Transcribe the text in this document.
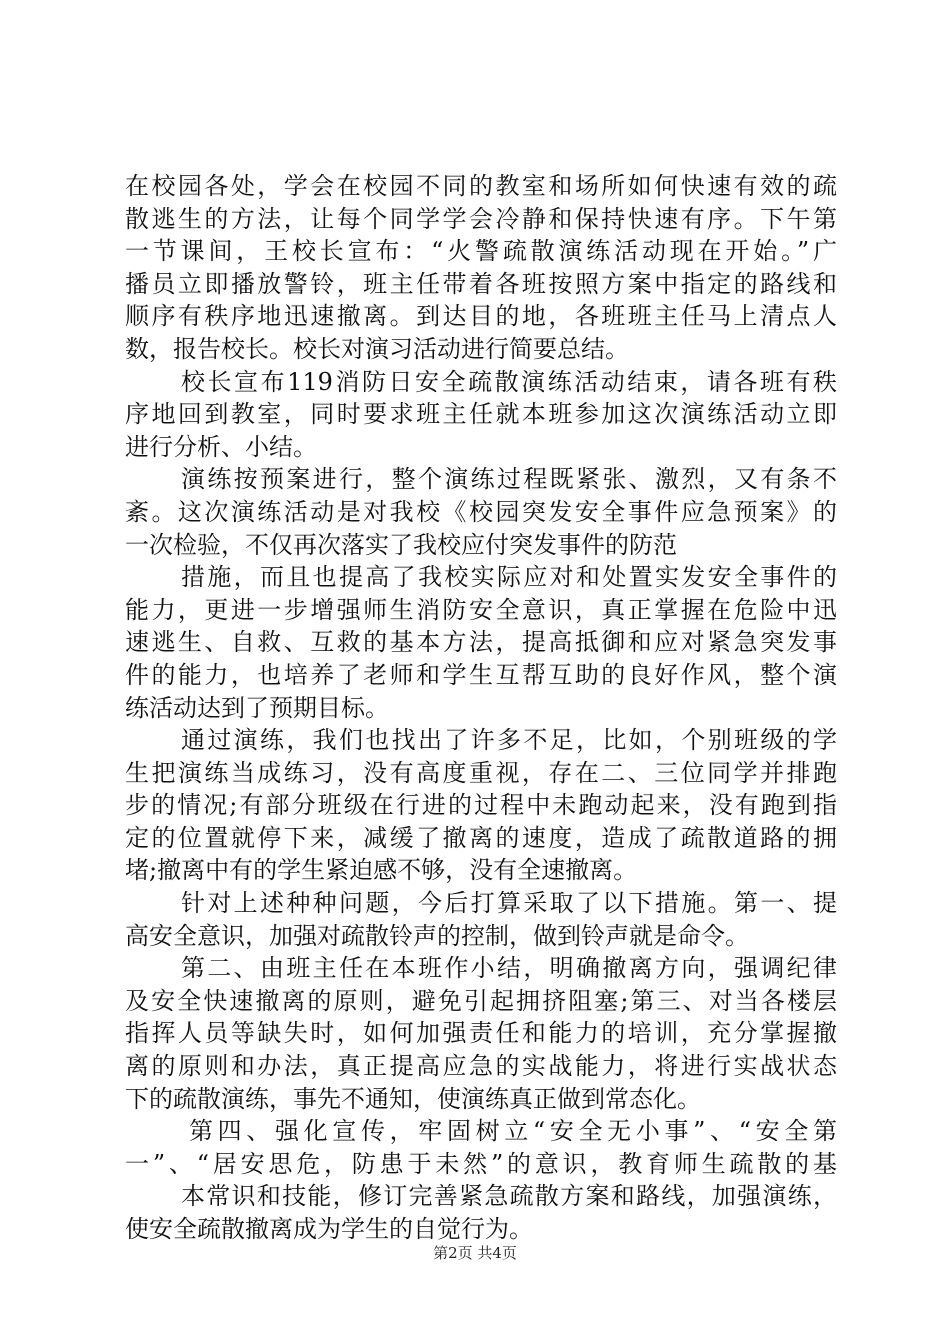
在校园各处，学会在校园不同的教室和场所如何快速有效的疏
散逃生的方法，让每个同学学会冷静和保持快速有序。下午第
一节课间，王校长宣布：“火警疏散演练活动现在开始。”广
播员立即播放警铃，班主任带着各班按照方案中指定的路线和
顺序有秩序地迅速撤离。到达目的地，各班班主任马上清点人
数，报告校长。校长对演习活动进行简要总结。
校长宣布119消防日安全疏散演练活动结束，请各班有秩
序地回到教室，同时要求班主任就本班参加这次演练活动立即
进行分析、小结。
演练按预案进行，整个演练过程既紧张、激烈，又有条不
紊。这次演练活动是对我校《校园突发安全事件应急预案》的
一次检验，不仅再次落实了我校应付突发事件的防范
措施，而且也提高了我校实际应对和处置实发安全事件的
能力，更进一步增强师生消防安全意识，真正掌握在危险中迅
速逃生、自救、互救的基本方法，提高抵御和应对紧急突发事
件的能力，也培养了老师和学生互帮互助的良好作风，整个演
练活动达到了预期目标。
通过演练，我们也找出了许多不足，比如，个别班级的学
生把演练当成练习，没有高度重视，存在二、三位同学并排跑
步的情况;有部分班级在行进的过程中未跑动起来，没有跑到指
定的位置就停下来，减缓了撤离的速度，造成了疏散道路的拥
堵;撤离中有的学生紧迫感不够，没有全速撤离。
针对上述种种问题，今后打算采取了以下措施。第一、提
高安全意识，加强对疏散铃声的控制，做到铃声就是命令。
第二、由班主任在本班作小结，明确撤离方向，强调纪律
及安全快速撤离的原则，避免引起拥挤阻塞;第三、对当各楼层
指挥人员等缺失时，如何加强责任和能力的培训，充分掌握撤
离的原则和办法，真正提高应急的实战能力，将进行实战状态
下的疏散演练，事先不通知，使演练真正做到常态化。
第四、强化宣传，牢固树立“安全无小事”、“安全第
一”、“居安思危，防患于未然”的意识，教育师生疏散的基
本常识和技能，修订完善紧急疏散方案和路线，加强演练，
使安全疏散撤离成为学生的自觉行为。
第2页 共4页
